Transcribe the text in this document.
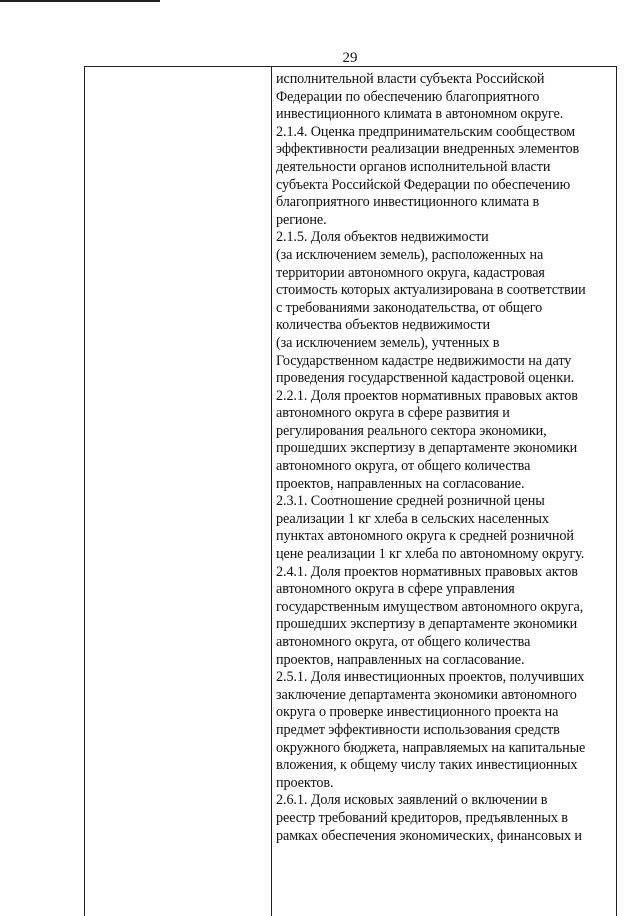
29
исполнительной власти субъекта Российской
Федерации по обеспечению благоприятного
инвестиционного климата в автономном округе.
2.1.4. Оценка предпринимательским сообществом
эффективности реализации внедренных элементов
деятельности органов исполнительной власти
субъекта Российской Федерации по обеспечению
благоприятного инвестиционного климата в
регионе.
2.1.5. Доля объектов недвижимости
(за исключением земель), расположенных на
территории автономного округа, кадастровая
стоимость которых актуализирована в соответствии
с требованиями законодательства, от общего
количества объектов недвижимости
(за исключением земель), учтенных в
Государственном кадастре недвижимости на дату
проведения государственной кадастровой оценки.
2.2.1. Доля проектов нормативных правовых актов
автономного округа в сфере развития и
регулирования реального сектора экономики,
прошедших экспертизу в департаменте экономики
автономного округа, от общего количества
проектов, направленных на согласование.
2.3.1. Соотношение средней розничной цены
реализации 1 кг хлеба в сельских населенных
пунктах автономного округа к средней розничной
цене реализации 1 кг хлеба по автономному округу.
2.4.1. Доля проектов нормативных правовых актов
автономного округа в сфере управления
государственным имуществом автономного округа,
прошедших экспертизу в департаменте экономики
автономного округа, от общего количества
проектов, направленных на согласование.
2.5.1. Доля инвестиционных проектов, получивших
заключение департамента экономики автономного
округа о проверке инвестиционного проекта на
предмет эффективности использования средств
окружного бюджета, направляемых на капитальные
вложения, к общему числу таких инвестиционных
проектов.
2.6.1. Доля исковых заявлений о включении в
реестр требований кредиторов, предъявленных в
рамках обеспечения экономических, финансовых и
